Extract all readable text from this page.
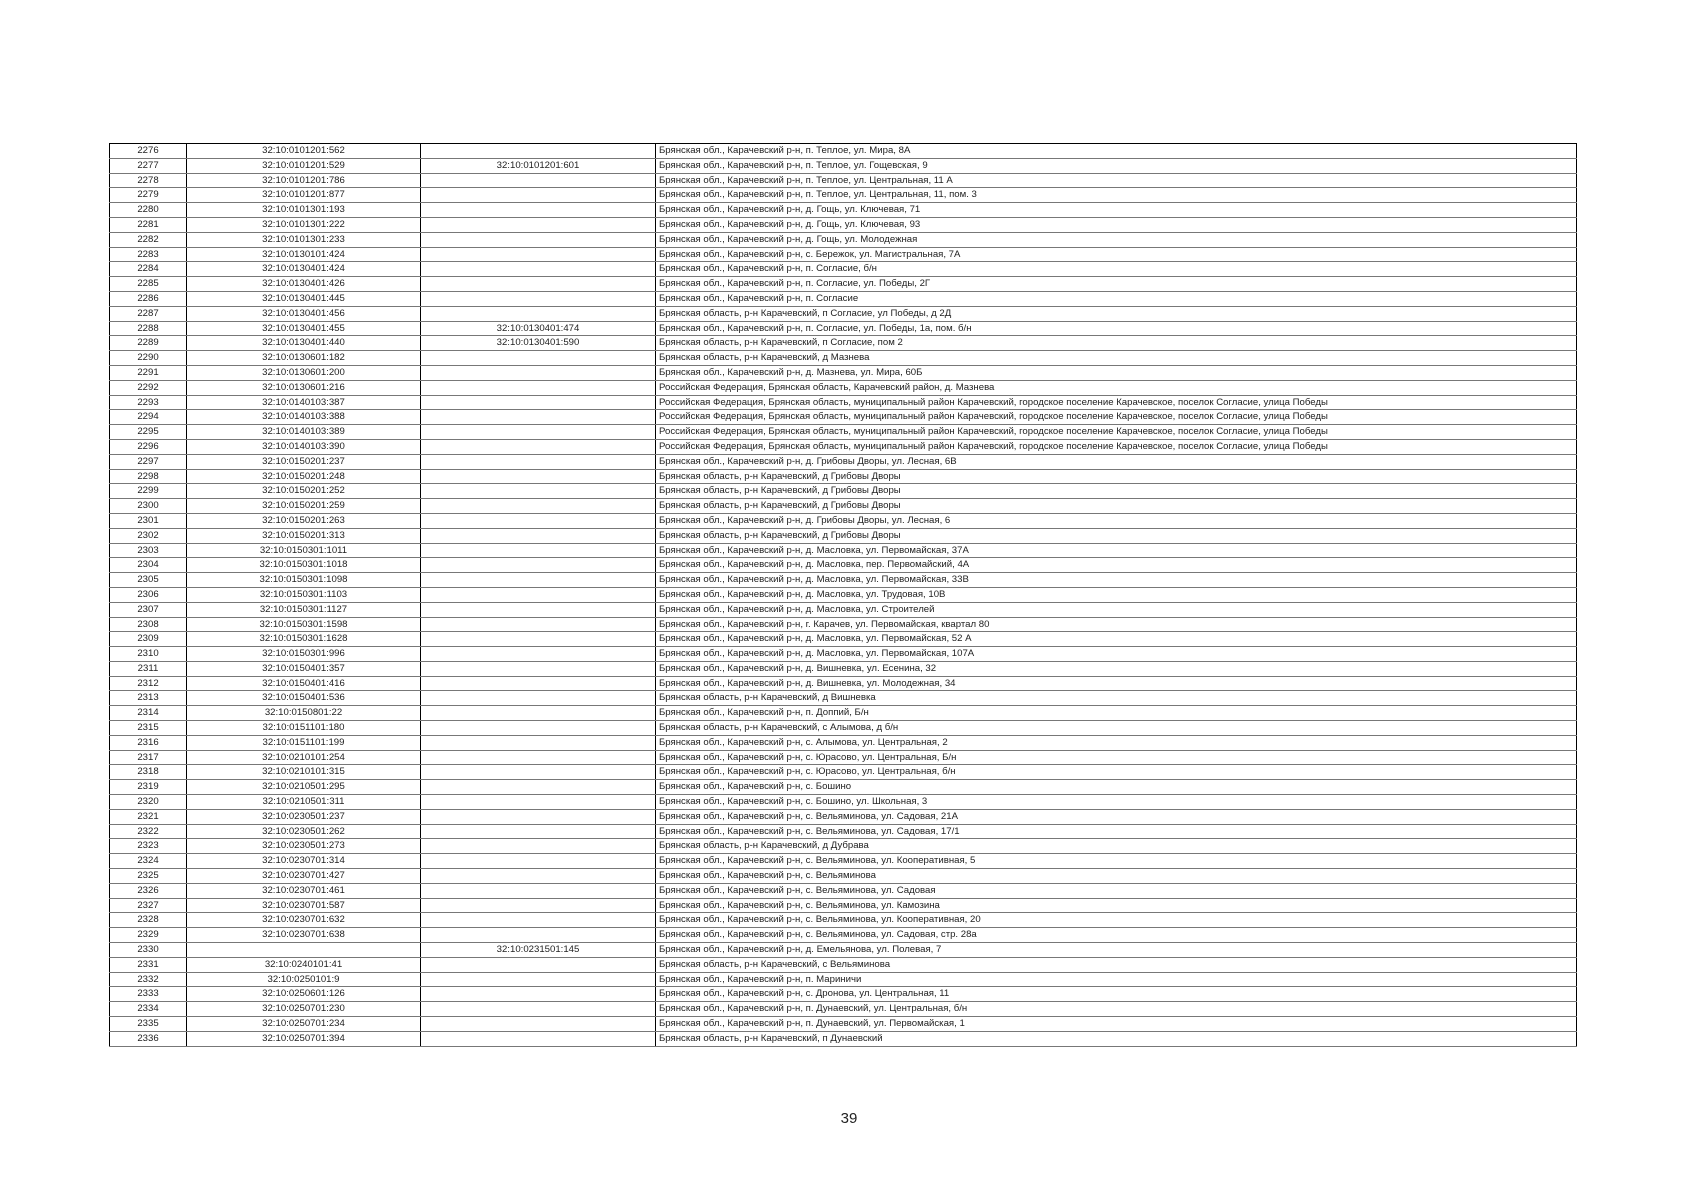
2276	32:10:0101201:562		Брянская обл., Карачевский р-н, п. Теплое, ул. Мира, 8А
2277	32:10:0101201:529	32:10:0101201:601	Брянская обл., Карачевский р-н, п. Теплое, ул. Гощевская, 9
2278	32:10:0101201:786		Брянская обл., Карачевский р-н, п. Теплое, ул. Центральная, 11 А
2279	32:10:0101201:877		Брянская обл., Карачевский р-н, п. Теплое, ул. Центральная, 11, пом. 3
2280	32:10:0101301:193		Брянская обл., Карачевский р-н, д. Гощь, ул. Ключевая, 71
2281	32:10:0101301:222		Брянская обл., Карачевский р-н, д. Гощь, ул. Ключевая, 93
2282	32:10:0101301:233		Брянская обл., Карачевский р-н, д. Гощь, ул. Молодежная
2283	32:10:0130101:424		Брянская обл., Карачевский р-н, с. Бережок, ул. Магистральная, 7А
2284	32:10:0130401:424		Брянская обл., Карачевский р-н, п. Согласие, б/н
2285	32:10:0130401:426		Брянская обл., Карачевский р-н, п. Согласие, ул. Победы, 2Г
2286	32:10:0130401:445		Брянская обл., Карачевский р-н, п. Согласие
2287	32:10:0130401:456		Брянская область, р-н Карачевский, п Согласие, ул Победы, д 2Д
2288	32:10:0130401:455	32:10:0130401:474	Брянская обл., Карачевский р-н, п. Согласие, ул. Победы, 1а, пом. б/н
2289	32:10:0130401:440	32:10:0130401:590	Брянская область, р-н Карачевский, п Согласие, пом 2
2290	32:10:0130601:182		Брянская область, р-н Карачевский, д Мазнева
2291	32:10:0130601:200		Брянская обл., Карачевский р-н, д. Мазнева, ул. Мира, 60Б
2292	32:10:0130601:216		Российская Федерация, Брянская область, Карачевский район, д. Мазнева
2293	32:10:0140103:387		Российская Федерация, Брянская область, муниципальный район Карачевский, городское поселение Карачевское, поселок Согласие, улица Победы
2294	32:10:0140103:388		Российская Федерация, Брянская область, муниципальный район Карачевский, городское поселение Карачевское, поселок Согласие, улица Победы
2295	32:10:0140103:389		Российская Федерация, Брянская область, муниципальный район Карачевский, городское поселение Карачевское, поселок Согласие, улица Победы
2296	32:10:0140103:390		Российская Федерация, Брянская область, муниципальный район Карачевский, городское поселение Карачевское, поселок Согласие, улица Победы
2297	32:10:0150201:237		Брянская обл., Карачевский р-н, д. Грибовы Дворы, ул. Лесная, 6В
2298	32:10:0150201:248		Брянская область, р-н Карачевский, д Грибовы Дворы
2299	32:10:0150201:252		Брянская область, р-н Карачевский, д Грибовы Дворы
2300	32:10:0150201:259		Брянская область, р-н Карачевский, д Грибовы Дворы
2301	32:10:0150201:263		Брянская обл., Карачевский р-н, д. Грибовы Дворы, ул. Лесная, 6
2302	32:10:0150201:313		Брянская область, р-н Карачевский, д Грибовы Дворы
2303	32:10:0150301:1011		Брянская обл., Карачевский р-н, д. Масловка, ул. Первомайская, 37А
2304	32:10:0150301:1018		Брянская обл., Карачевский р-н, д. Масловка, пер. Первомайский, 4А
2305	32:10:0150301:1098		Брянская обл., Карачевский р-н, д. Масловка, ул. Первомайская, 33В
2306	32:10:0150301:1103		Брянская обл., Карачевский р-н, д. Масловка, ул. Трудовая, 10В
2307	32:10:0150301:1127		Брянская обл., Карачевский р-н, д. Масловка, ул. Строителей
2308	32:10:0150301:1598		Брянская обл., Карачевский р-н, г. Карачев, ул. Первомайская, квартал 80
2309	32:10:0150301:1628		Брянская обл., Карачевский р-н, д. Масловка, ул. Первомайская, 52 А
2310	32:10:0150301:996		Брянская обл., Карачевский р-н, д. Масловка, ул. Первомайская, 107А
2311	32:10:0150401:357		Брянская обл., Карачевский р-н, д. Вишневка, ул. Есенина, 32
2312	32:10:0150401:416		Брянская обл., Карачевский р-н, д. Вишневка, ул. Молодежная, 34
2313	32:10:0150401:536		Брянская область, р-н Карачевский, д Вишневка
2314	32:10:0150801:22		Брянская обл., Карачевский р-н, п. Доппий, Б/н
2315	32:10:0151101:180		Брянская область, р-н Карачевский, с Алымова, д б/н
2316	32:10:0151101:199		Брянская обл., Карачевский р-н, с. Алымова, ул. Центральная, 2
2317	32:10:0210101:254		Брянская обл., Карачевский р-н, с. Юрасово, ул. Центральная, Б/н
2318	32:10:0210101:315		Брянская обл., Карачевский р-н, с. Юрасово, ул. Центральная, б/н
2319	32:10:0210501:295		Брянская обл., Карачевский р-н, с. Бошино
2320	32:10:0210501:311		Брянская обл., Карачевский р-н, с. Бошино, ул. Школьная, 3
2321	32:10:0230501:237		Брянская обл., Карачевский р-н, с. Вельяминова, ул. Садовая, 21А
2322	32:10:0230501:262		Брянская обл., Карачевский р-н, с. Вельяминова, ул. Садовая, 17/1
2323	32:10:0230501:273		Брянская область, р-н Карачевский, д Дубрава
2324	32:10:0230701:314		Брянская обл., Карачевский р-н, с. Вельяминова, ул. Кооперативная, 5
2325	32:10:0230701:427		Брянская обл., Карачевский р-н, с. Вельяминова
2326	32:10:0230701:461		Брянская обл., Карачевский р-н, с. Вельяминова, ул. Садовая
2327	32:10:0230701:587		Брянская обл., Карачевский р-н, с. Вельяминова, ул. Камозина
2328	32:10:0230701:632		Брянская обл., Карачевский р-н, с. Вельяминова, ул. Кооперативная, 20
2329	32:10:0230701:638		Брянская обл., Карачевский р-н, с. Вельяминова, ул. Садовая, стр. 28а
2330		32:10:0231501:145	Брянская обл., Карачевский р-н, д. Емельянова, ул. Полевая, 7
2331	32:10:0240101:41		Брянская область, р-н Карачевский, с Вельяминова
2332	32:10:0250101:9		Брянская обл., Карачевский р-н, п. Мариничи
2333	32:10:0250601:126		Брянская обл., Карачевский р-н, с. Дронова, ул. Центральная, 11
2334	32:10:0250701:230		Брянская обл., Карачевский р-н, п. Дунаевский, ул. Центральная, б/н
2335	32:10:0250701:234		Брянская обл., Карачевский р-н, п. Дунаевский, ул. Первомайская, 1
2336	32:10:0250701:394		Брянская область, р-н Карачевский, п Дунаевский
39
